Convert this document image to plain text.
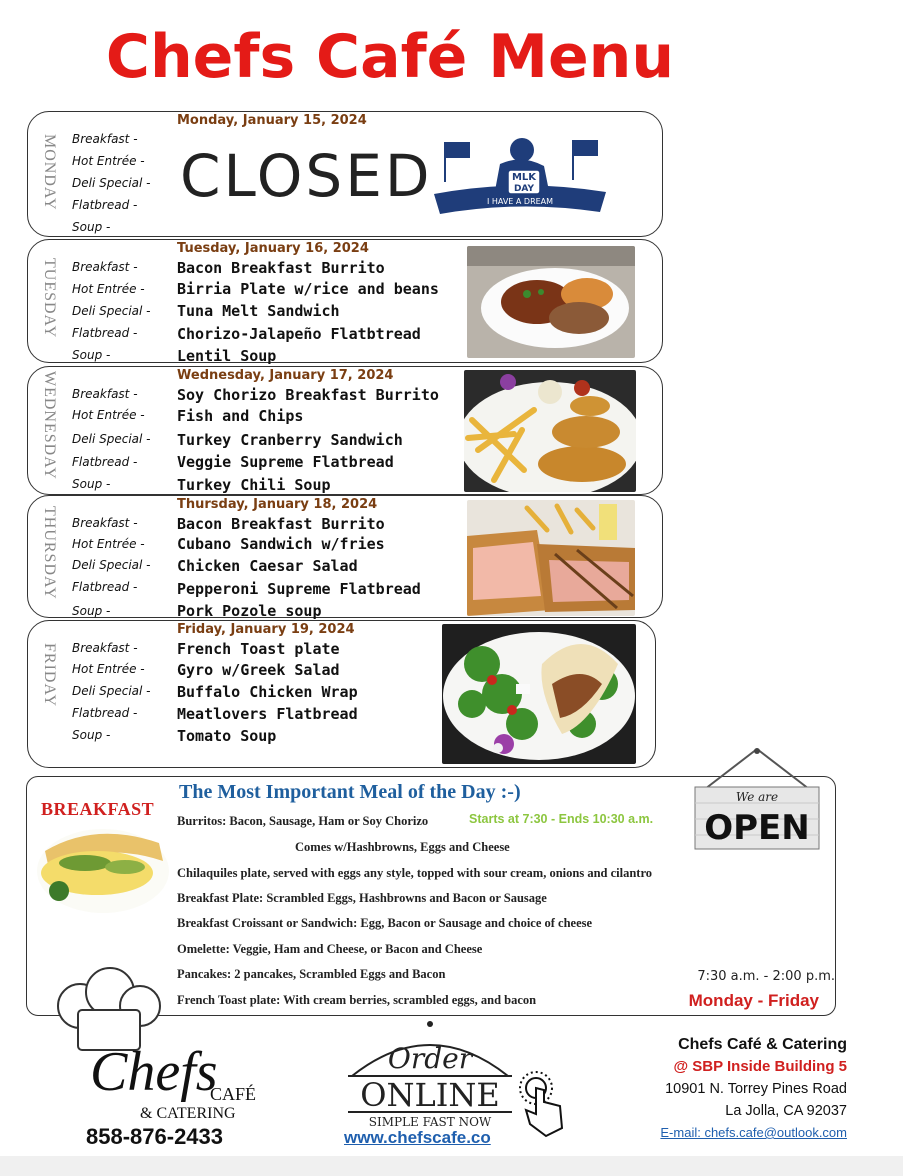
Chefs Café Menu
MONDAY Breakfast -
Hot Entrée -
Deli Special -
Flatbread -
Soup -
Monday, January 15, 2024
CLOSED	MLK
DAY
I HAVE A DREAM
TUESDAY Breakfast -
Hot Entrée -
Deli Special -
Flatbread -
Soup -
Tuesday, January 16, 2024
Bacon Breakfast Burrito
Birria Plate w/rice and beans
Tuna Melt Sandwich
Chorizo-Jalapeño Flatbtread
Lentil Soup
WEDNESDAY Breakfast -
Hot Entrée -
Deli Special -
Flatbread -
Soup -
Wednesday, January 17, 2024
Soy Chorizo Breakfast Burrito
Fish and Chips
Turkey Cranberry Sandwich
Veggie Supreme Flatbread
Turkey Chili Soup
THURSDAY Breakfast -
Hot Entrée -
Deli Special -
Flatbread -
Soup -
Thursday, January 18, 2024
Bacon Breakfast Burrito
Cubano Sandwich w/fries
Chicken Caesar Salad
Pepperoni Supreme Flatbread
Pork Pozole soup
FRIDAY Breakfast -
Hot Entrée -
Deli Special -
Flatbread -
Soup -
Friday, January 19, 2024
French Toast plate
Gyro w/Greek Salad
Buffalo Chicken Wrap
Meatlovers Flatbread
Tomato Soup
BREAKFAST
The Most Important Meal of the Day :-)
Burritos: Bacon, Sausage, Ham or Soy Chorizo	Starts at 7:30 - Ends 10:30 a.m.
Comes w/Hashbrowns, Eggs and Cheese
Chilaquiles plate, served with eggs any style, topped with sour cream, onions and cilantro
Breakfast Plate: Scrambled Eggs, Hashbrowns and Bacon or Sausage
Breakfast Croissant or Sandwich: Egg, Bacon or Sausage and choice of cheese
Omelette: Veggie, Ham and Cheese, or Bacon and Cheese
Pancakes: 2 pancakes, Scrambled Eggs and Bacon
French Toast plate: With cream berries, scrambled eggs, and bacon
We are
OPEN
7:30 a.m. - 2:00 p.m.
Monday - Friday
Chefs
CAFÉ
& CATERING
858-876-2433
Order
ONLINE
SIMPLE FAST NOW
www.chefscafe.co
Chefs Café & Catering
@ SBP Inside Building 5
10901 N. Torrey Pines Road
La Jolla, CA 92037
E-mail: chefs.cafe@outlook.com
